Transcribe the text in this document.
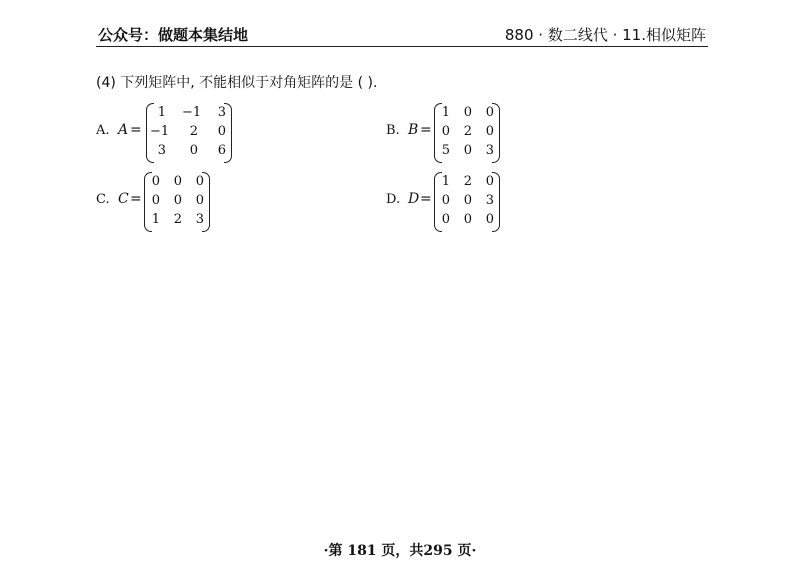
公众号：做题本集结地	880 · 数二线代 · 11.相似矩阵
(4) 下列矩阵中, 不能相似于对角矩阵的是 ( ).
A. A =
1 −1	3
−1	2	0
3	0	6
B. B =
1	0	0
0	2	0
5	0	3
C. C =
0	0	0
0	0	0
1	2	3
D. D =
1	2	0
0	0	3
0	0	0
·第 181 页，共295 页·
